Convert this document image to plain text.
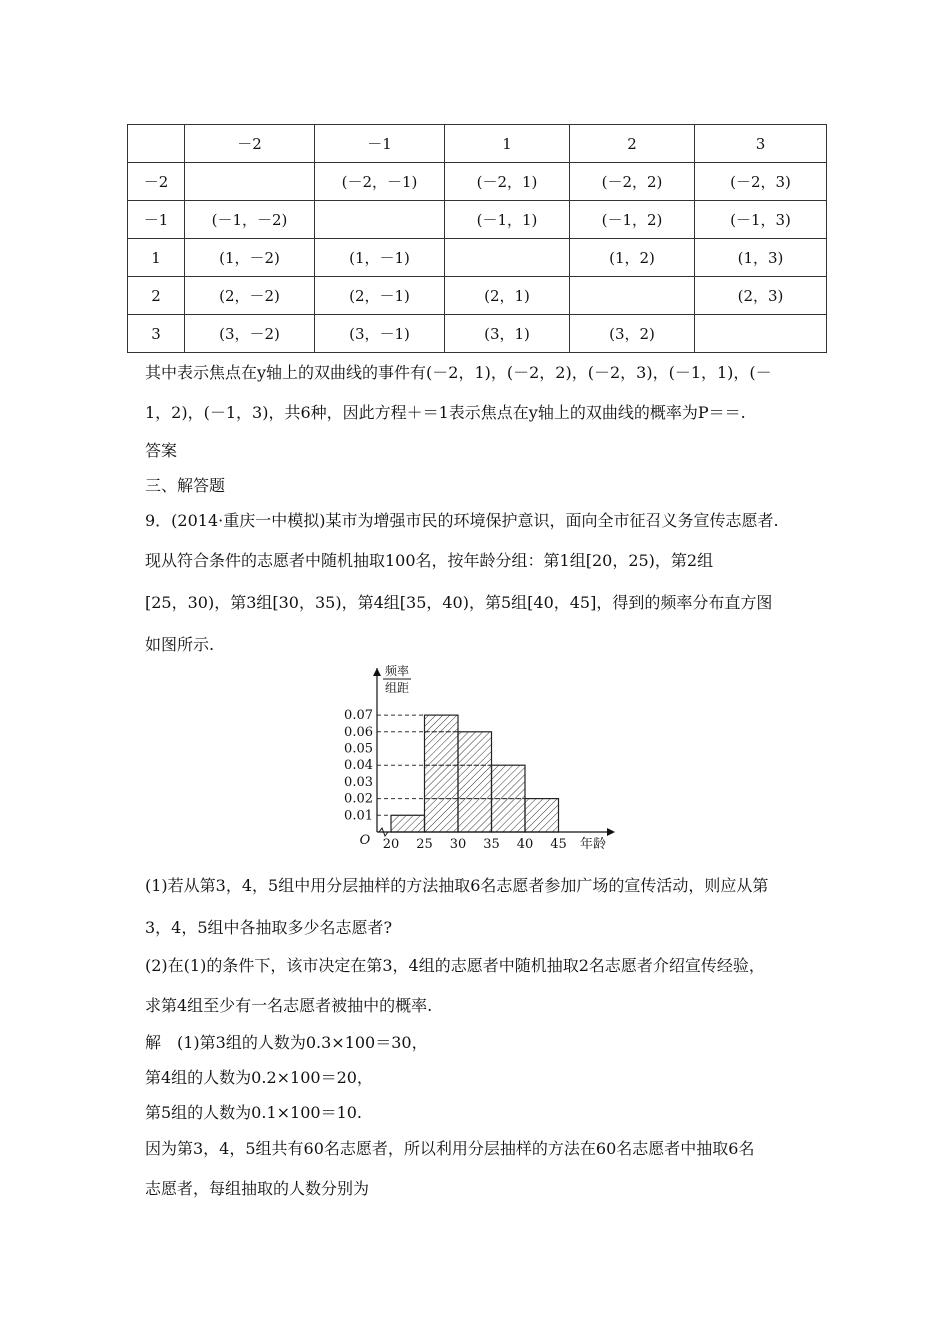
	－2	－1	1	2	3
－2		(－2，－1)	(－2，1)	(－2，2)	(－2，3)
－1	(－1，－2)		(－1，1)	(－1，2)	(－1，3)
1	(1，－2)	(1，－1)		(1，2)	(1，3)
2	(2，－2)	(2，－1)	(2，1)		(2，3)
3	(3，－2)	(3，－1)	(3，1)	(3，2)	
其中表示焦点在y轴上的双曲线的事件有(－2，1)，(－2，2)，(－2，3)，(－1，1)，(－
1，2)，(－1，3)，共6种，因此方程＋＝1表示焦点在y轴上的双曲线的概率为P＝＝.
答案
三、解答题
9．(2014·重庆一中模拟)某市为增强市民的环境保护意识，面向全市征召义务宣传志愿者.
现从符合条件的志愿者中随机抽取100名，按年龄分组：第1组[20，25)，第2组
[25，30)，第3组[30，35)，第4组[35，40)，第5组[40，45]，得到的频率分布直方图
如图所示.
0.01
0.02
0.03
0.04
0.05
0.06
0.07
20 25 30 35 40 45
O	年龄
频率
组距
(1)若从第3，4，5组中用分层抽样的方法抽取6名志愿者参加广场的宣传活动，则应从第
3，4，5组中各抽取多少名志愿者?
(2)在(1)的条件下，该市决定在第3，4组的志愿者中随机抽取2名志愿者介绍宣传经验，
求第4组至少有一名志愿者被抽中的概率.
解　(1)第3组的人数为0.3×100＝30，
第4组的人数为0.2×100＝20，
第5组的人数为0.1×100＝10.
因为第3，4，5组共有60名志愿者，所以利用分层抽样的方法在60名志愿者中抽取6名
志愿者，每组抽取的人数分别为
